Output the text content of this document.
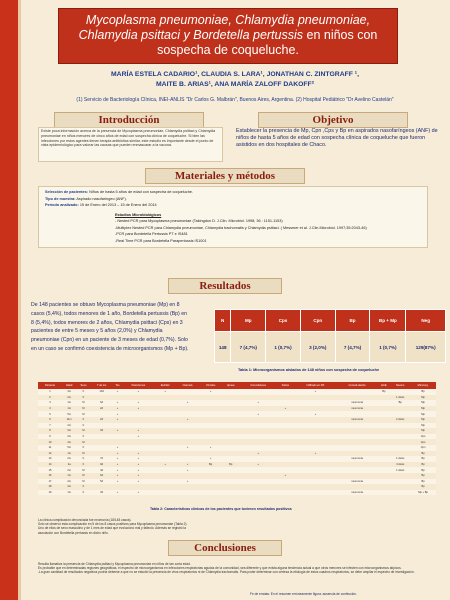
Mycoplasma pneumoniae, Chlamydia pneumoniae,
Chlamydia psittaci y Bordetella pertussis en niños con
sospecha de coqueluche.
MARÍA ESTELA CADARIO¹, CLAUDIA S. LARA¹, JONATHAN C. ZINTGRAFF ¹,
MAITE B. ARIAS¹, ANA MARÍA ZALOFF DAKOFF²
(1) Servicio de Bacteriología Clínica, INEI-ANLIS "Dr Carlos G. Malbrán", Buenos Aires, Argentina. (2) Hospital Pediátrico "Dr Avelino Castelán"
Introducción	Objetivo
Existe poca información acerca de la presencia de Mycoplasma pneumoniae, Chlamydia psittaci y Chlamydia pneumoniae en niños menores de cinco años de edad con sospecha clínica de coqueluche. Si bien las infecciones por estos agentes tienen terapia antibiótica similar, este estudio es importante desde el punto de vista epidemiológico para valorar las causas que pueden enmascarar a la vacuna.
Establecer la presencia de Mp, Cpn ,Cps y Bp en aspirados nasofaríngeos (ANF) de niños de hasta 5 años de edad con sospecha clínica de coqueluche que fueron asistidos en dos hospitales de Chaco.
Materiales y métodos
Selección de pacientes: Niños de hasta 5 años de edad con sospecha de coqueluche.
Tipo de muestra: Aspirado nasofaríngeo (ANF).
Período analizado: 15 de Enero del 2013 – 15 de Enero del 2014
Estudios Microbiológicos
- Nested PCR para Mycoplasma pneumoniae (Takingdon D. J.Clin. Microbiol. 1998; 36 : 1151-1153)
-Multiplex Nested PCR para Chlamydia pneumoniae, Chlamydia trachomatis y Chlamydia psittaci. ( Messmer et al. J.Clin.Microbiol. 1997;35:2043-46)
-PCR para Bordetella Pertussis PT e IS481
-Real Time PCR para Bordetella Parapertussis IS1001
Resultados
De 148 pacientes se obtuvo Mycoplasma pneumoniae (Mp) en 8 casos (5,4%), todos menores de 1 año, Bordetella pertussis (Bp) en 8 (5,4%), todos menores de 2 años, Chlamydia psittaci (Cps) en 3 pacientes de entre 5 meses y 5 años (2,0%) y Chlamydia pneumoniae (Cpn) en un paciente de 3 meses de edad (0,7%). Solo en un caso se confirmó coexistencia de microorganismos (Mp + Bp).
N	Mp	Cps	Cpn	Bp	Bp + Mp	Neg
148	7 (4,7%)	1 (0,7%)	3 (2,0%)	7 (4,7%)	1 (0,7%)	129(87%)
Tabla 1: Microorganismos aislados de 148 niños con sospecha de coqueluche
Paciente	Edad	Sexo	T de tos	Tos	Paroxismos	Estridor	Cianosis	Vómitos	Apnea	Convulsiones	Fiebre	Infiltrado en RX	Consoli-dación	ECE	Neumo	Microorg.
1	3m	F	10d	+	+	+		+				+		Bp		Bp
2	2m	F													1 dosis	Mp
3	1m	M	6d	+	+		+			+			neumonía		Bp	Mp
4	1m	M	2d	+	+						+		neumonía			Mp
5	5m	M		+						+		+				Mp
6	11m	F	2d	+			+						neumonía		2 dosis	Mp
7	2m	F														Mp
8	3m	M	3d	+	+											Mp
9	2m	F			+											Cps
10	4m	M														Cps
11	5m	F		+			+	+								Cpn
12	1m	M		+	+					+		+				Bp
13	2m	F	7d	+	+			+					neumonía		1 dosis	Bp
14	2a	F	9d	+	+	+	+	Bp	Bp	+					4 dosis	Bp
15	2m	M	4d	+	+		+								1 dosis	Bp
16	1m	M	6d	+	+						+					Bp
17	2m	M	5d	+	+		+						neumonía			Bp
18	4m	F														Bp
19	1m	F	3d	+	+								neumonía			Mp + Bp
Tabla 2: Características clínicas de los pacientes que tuvieron resultados positivos
La clínica complicación denunciada fue neumonía (18/148 casos).
Solo se observó esta complicación en 5 de los 8 casos positivos para Mycoplasma pneumoniae (Tabla 2).
Uno de ellos de sexo masculino y de 1 mes de edad que evolucionó mal y falleció. Además se registró la
asociación con Bordetella pertussis en dicho niño.
Conclusiones
Resulta llamativa la presencia de Chlamydia psittaci y Mycoplasma pneumoniae en niños de tan corta edad.
Es probable que en determinadas regiones geográficas, el espectro de microorganismos en infecciones respiratorias agudas de la comunidad, sea diferente y que exista alguna tendencia actual a que otros menores se infecten con microorganismos atípicos.
-La gran cantidad de resultados negativos podría deberse a que no se estudió la presencia de virus respiratorios ni de Chlamydia trachomatis. Para poder determinar con certeza la etiología de estos cuadros respiratorios, se debe ampliar el espectro de investigación.
Fe de erratas: En el resumen erróneamente figura: ausencia de confección.
